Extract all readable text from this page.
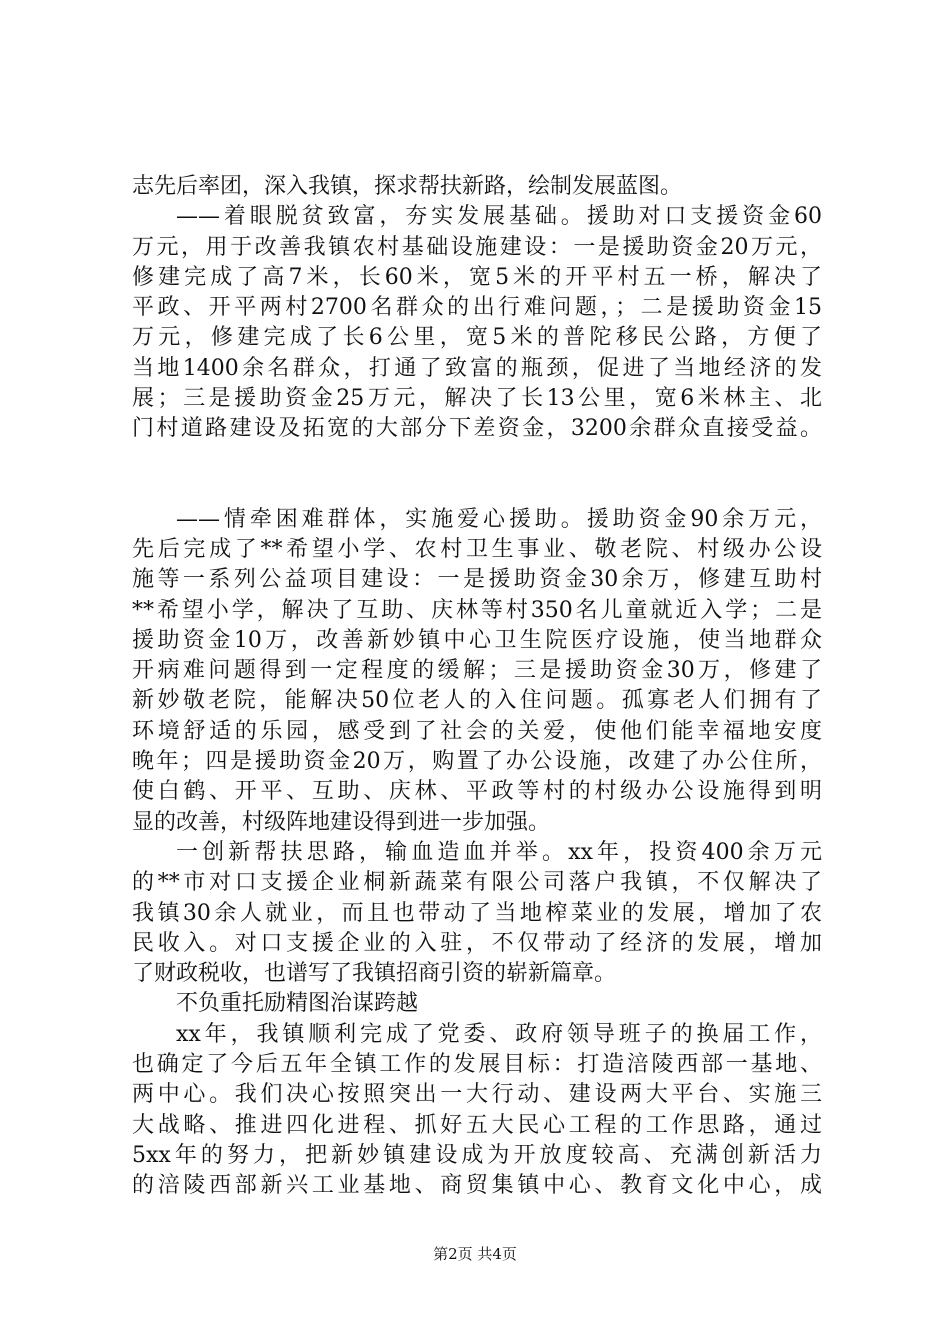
志先后率团，深入我镇，探求帮扶新路，绘制发展蓝图。
——着眼脱贫致富，夯实发展基础。援助对口支援资金60
万元，用于改善我镇农村基础设施建设：一是援助资金20万元，
修建完成了高7米，长60米，宽5米的开平村五一桥，解决了
平政、开平两村2700名群众的出行难问题，；二是援助资金15
万元，修建完成了长6公里，宽5米的普陀移民公路，方便了
当地1400余名群众，打通了致富的瓶颈，促进了当地经济的发
展；三是援助资金25万元，解决了长13公里，宽6米林主、北
门村道路建设及拓宽的大部分下差资金，3200余群众直接受益。
——情牵困难群体，实施爱心援助。援助资金90余万元，
先后完成了**希望小学、农村卫生事业、敬老院、村级办公设
施等一系列公益项目建设：一是援助资金30余万，修建互助村
**希望小学，解决了互助、庆林等村350名儿童就近入学；二是
援助资金10万，改善新妙镇中心卫生院医疗设施，使当地群众
开病难问题得到一定程度的缓解；三是援助资金30万，修建了
新妙敬老院，能解决50位老人的入住问题。孤寡老人们拥有了
环境舒适的乐园，感受到了社会的关爱，使他们能幸福地安度
晚年；四是援助资金20万，购置了办公设施，改建了办公住所，
使白鹤、开平、互助、庆林、平政等村的村级办公设施得到明
显的改善，村级阵地建设得到进一步加强。
一创新帮扶思路，输血造血并举。xx年，投资400余万元
的**市对口支援企业桐新蔬菜有限公司落户我镇，不仅解决了
我镇30余人就业，而且也带动了当地榨菜业的发展，增加了农
民收入。对口支援企业的入驻，不仅带动了经济的发展，增加
了财政税收，也谱写了我镇招商引资的崭新篇章。
不负重托励精图治谋跨越
xx年，我镇顺利完成了党委、政府领导班子的换届工作，
也确定了今后五年全镇工作的发展目标：打造涪陵西部一基地、
两中心。我们决心按照突出一大行动、建设两大平台、实施三
大战略、推进四化进程、抓好五大民心工程的工作思路，通过
5xx年的努力，把新妙镇建设成为开放度较高、充满创新活力
的涪陵西部新兴工业基地、商贸集镇中心、教育文化中心，成
第2页 共4页
